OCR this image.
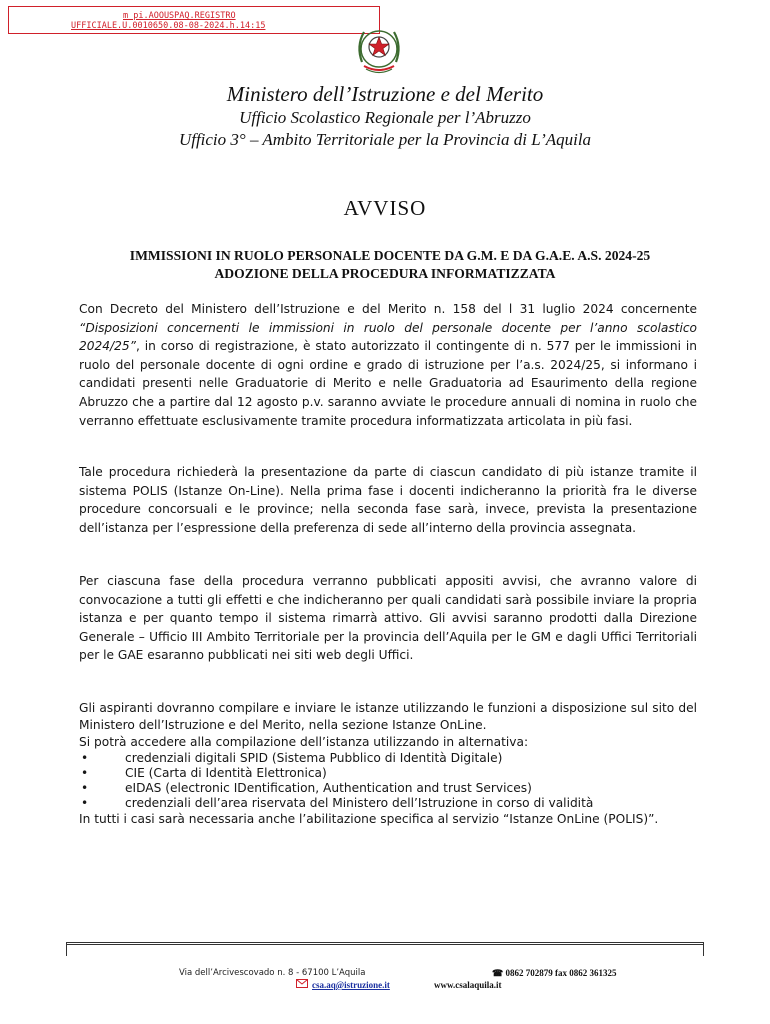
m_pi.AOOUSPAQ.REGISTRO
UFFICIALE.U.0010650.08-08-2024.h.14:15
Ministero dell’Istruzione e del Merito
Ufficio Scolastico Regionale per l’Abruzzo
Ufficio 3° – Ambito Territoriale per la Provincia di L’Aquila
AVVISO
IMMISSIONI IN RUOLO PERSONALE DOCENTE DA G.M. E DA G.A.E. A.S. 2024-25
ADOZIONE DELLA PROCEDURA INFORMATIZZATA
Con Decreto del Ministero dell’Istruzione e del Merito n. 158 del l 31 luglio 2024 concernente “Disposizioni concernenti le immissioni in ruolo del personale docente per l’anno scolastico 2024/25”, in corso di registrazione, è stato autorizzato il contingente di n. 577 per le immissioni in ruolo del personale docente di ogni ordine e grado di istruzione per l’a.s. 2024/25, si informano i candidati presenti nelle Graduatorie di Merito e nelle Graduatoria ad Esaurimento della regione Abruzzo che a partire dal 12 agosto p.v. saranno avviate le procedure annuali di nomina in ruolo che verranno effettuate esclusivamente tramite procedura informatizzata articolata in più fasi.
Tale procedura richiederà la presentazione da parte di ciascun candidato di più istanze tramite il sistema POLIS (Istanze On-Line). Nella prima fase i docenti indicheranno la priorità fra le diverse procedure concorsuali e le province; nella seconda fase sarà, invece, prevista la presentazione dell’istanza per l’espressione della preferenza di sede all’interno della provincia assegnata.
Per ciascuna fase della procedura verranno pubblicati appositi avvisi, che avranno valore di convocazione a tutti gli effetti e che indicheranno per quali candidati sarà possibile inviare la propria istanza e per quanto tempo il sistema rimarrà attivo. Gli avvisi saranno prodotti dalla Direzione Generale – Ufficio III Ambito Territoriale per la provincia dell’Aquila per le GM e dagli Uffici Territoriali per le GAE esaranno pubblicati nei siti web degli Uffici.
Gli aspiranti dovranno compilare e inviare le istanze utilizzando le funzioni a disposizione sul sito del Ministero dell’Istruzione e del Merito, nella sezione Istanze OnLine.
Si potrà accedere alla compilazione dell’istanza utilizzando in alternativa:
•	credenziali digitali SPID (Sistema Pubblico di Identità Digitale)
•	CIE (Carta di Identità Elettronica)
•	eIDAS (electronic IDentification, Authentication and trust Services)
•	credenziali dell’area riservata del Ministero dell’Istruzione in corso di validità
In tutti i casi sarà necessaria anche l’abilitazione specifica al servizio “Istanze OnLine (POLIS)”.
Via dell’Arcivescovado n. 8 - 67100 L’Aquila	☎ 0862 702879 fax 0862 361325
csa.aq@istruzione.it	www.csalaquila.it
